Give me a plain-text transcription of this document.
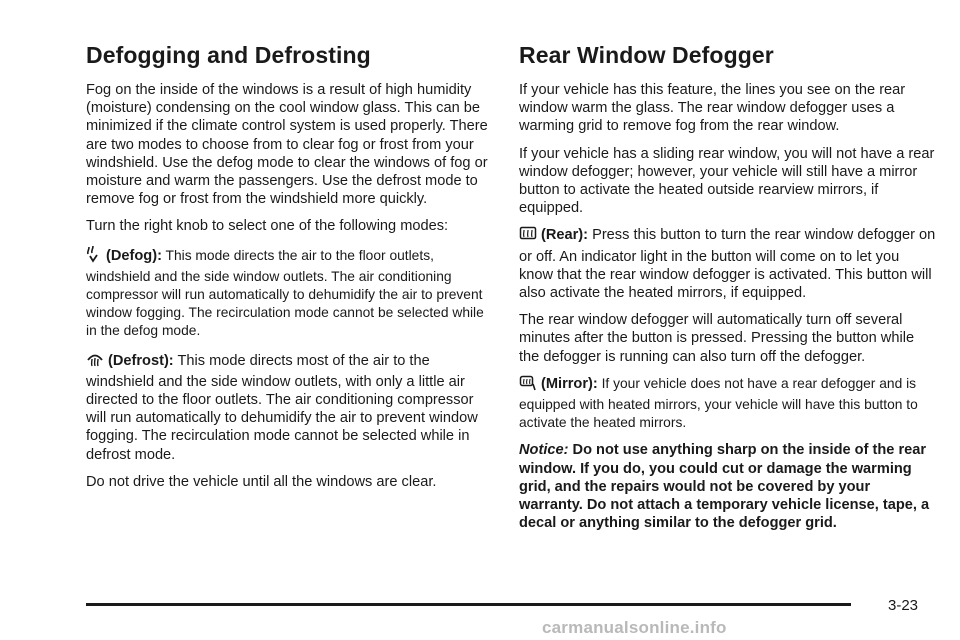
Defogging and Defrosting

Fog on the inside of the windows is a result of high humidity (moisture) condensing on the cool window glass. This can be minimized if the climate control system is used properly. There are two modes to choose from to clear fog or frost from your windshield. Use the defog mode to clear the windows of fog or moisture and warm the passengers. Use the defrost mode to remove fog or frost from the windshield more quickly.

Turn the right knob to select one of the following modes:

(Defog): This mode directs the air to the floor outlets, windshield and the side window outlets. The air conditioning compressor will run automatically to dehumidify the air to prevent window fogging. The recirculation mode cannot be selected while in the defog mode.

(Defrost): This mode directs most of the air to the windshield and the side window outlets, with only a little air directed to the floor outlets. The air conditioning compressor will run automatically to dehumidify the air to prevent window fogging. The recirculation mode cannot be selected while in defrost mode.

Do not drive the vehicle until all the windows are clear.

Rear Window Defogger

If your vehicle has this feature, the lines you see on the rear window warm the glass. The rear window defogger uses a warming grid to remove fog from the rear window.

If your vehicle has a sliding rear window, you will not have a rear window defogger; however, your vehicle will still have a mirror button to activate the heated outside rearview mirrors, if equipped.

(Rear): Press this button to turn the rear window defogger on or off. An indicator light in the button will come on to let you know that the rear window defogger is activated. This button will also activate the heated mirrors, if equipped.

The rear window defogger will automatically turn off several minutes after the button is pressed. Pressing the button while the defogger is running can also turn off the defogger.

(Mirror): If your vehicle does not have a rear defogger and is equipped with heated mirrors, your vehicle will have this button to activate the heated mirrors.

Notice: Do not use anything sharp on the inside of the rear window. If you do, you could cut or damage the warming grid, and the repairs would not be covered by your warranty. Do not attach a temporary vehicle license, tape, a decal or anything similar to the defogger grid.

3-23
carmanualsonline.info
